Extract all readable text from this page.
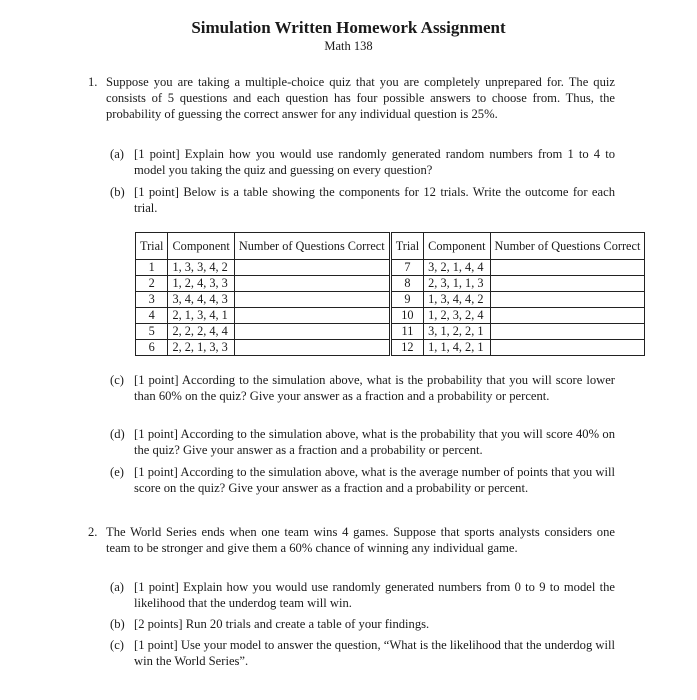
Simulation Written Homework Assignment
Math 138
1. Suppose you are taking a multiple-choice quiz that you are completely unprepared for. The quiz consists of 5 questions and each question has four possible answers to choose from. Thus, the probability of guessing the correct answer for any individual question is 25%.
(a) [1 point] Explain how you would use randomly generated random numbers from 1 to 4 to model you taking the quiz and guessing on every question?
(b) [1 point] Below is a table showing the components for 12 trials. Write the outcome for each trial.
Trial	Component	Number of Questions Correct	Trial	Component	Number of Questions Correct
1	1, 3, 3, 4, 2		7	3, 2, 1, 4, 4	
2	1, 2, 4, 3, 3		8	2, 3, 1, 1, 3	
3	3, 4, 4, 4, 3		9	1, 3, 4, 4, 2	
4	2, 1, 3, 4, 1		10	1, 2, 3, 2, 4	
5	2, 2, 2, 4, 4		11	3, 1, 2, 2, 1	
6	2, 2, 1, 3, 3		12	1, 1, 4, 2, 1	
(c) [1 point] According to the simulation above, what is the probability that you will score lower than 60% on the quiz? Give your answer as a fraction and a probability or percent.
(d) [1 point] According to the simulation above, what is the probability that you will score 40% on the quiz? Give your answer as a fraction and a probability or percent.
(e) [1 point] According to the simulation above, what is the average number of points that you will score on the quiz? Give your answer as a fraction and a probability or percent.
2. The World Series ends when one team wins 4 games. Suppose that sports analysts considers one team to be stronger and give them a 60% chance of winning any individual game.
(a) [1 point] Explain how you would use randomly generated numbers from 0 to 9 to model the likelihood that the underdog team will win.
(b) [2 points] Run 20 trials and create a table of your findings.
(c) [1 point] Use your model to answer the question, “What is the likelihood that the underdog will win the World Series”.
